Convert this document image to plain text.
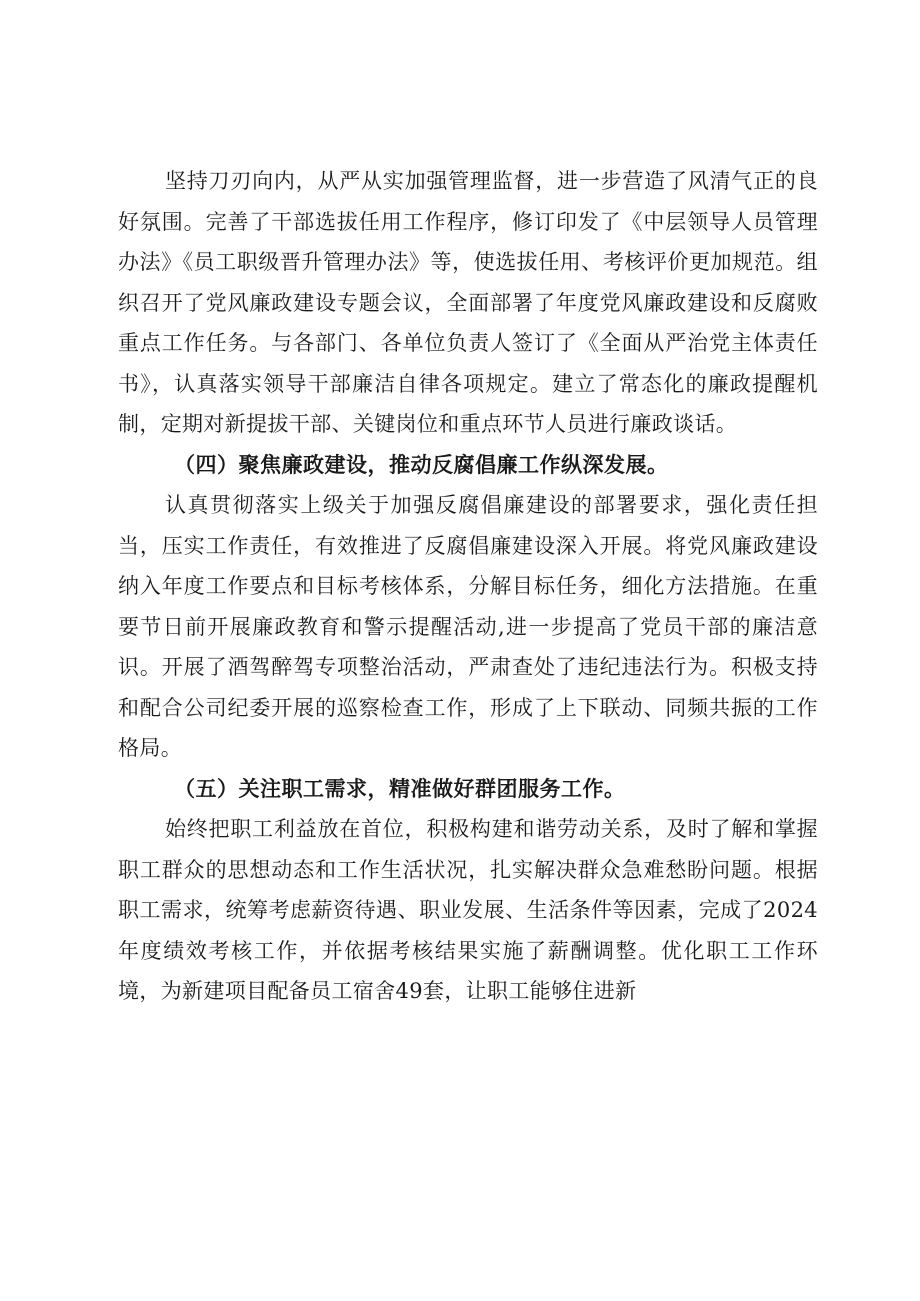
坚持刀刃向内，从严从实加强管理监督，进一步营造了风清气正的良好氛围。完善了干部选拔任用工作程序，修订印发了《中层领导人员管理办法》《员工职级晋升管理办法》等，使选拔任用、考核评价更加规范。组织召开了党风廉政建设专题会议，全面部署了年度党风廉政建设和反腐败重点工作任务。与各部门、各单位负责人签订了《全面从严治党主体责任书》，认真落实领导干部廉洁自律各项规定。建立了常态化的廉政提醒机制，定期对新提拔干部、关键岗位和重点环节人员进行廉政谈话。

（四）聚焦廉政建设，推动反腐倡廉工作纵深发展。

认真贯彻落实上级关于加强反腐倡廉建设的部署要求，强化责任担当，压实工作责任，有效推进了反腐倡廉建设深入开展。将党风廉政建设纳入年度工作要点和目标考核体系，分解目标任务，细化方法措施。在重要节日前开展廉政教育和警示提醒活动,进一步提高了党员干部的廉洁意识。开展了酒驾醉驾专项整治活动，严肃查处了违纪违法行为。积极支持和配合公司纪委开展的巡察检查工作，形成了上下联动、同频共振的工作格局。

（五）关注职工需求，精准做好群团服务工作。

始终把职工利益放在首位，积极构建和谐劳动关系，及时了解和掌握职工群众的思想动态和工作生活状况，扎实解决群众急难愁盼问题。根据职工需求，统筹考虑薪资待遇、职业发展、生活条件等因素，完成了2024年度绩效考核工作，并依据考核结果实施了薪酬调整。优化职工工作环境，为新建项目配备员工宿舍49套，让职工能够住进新
